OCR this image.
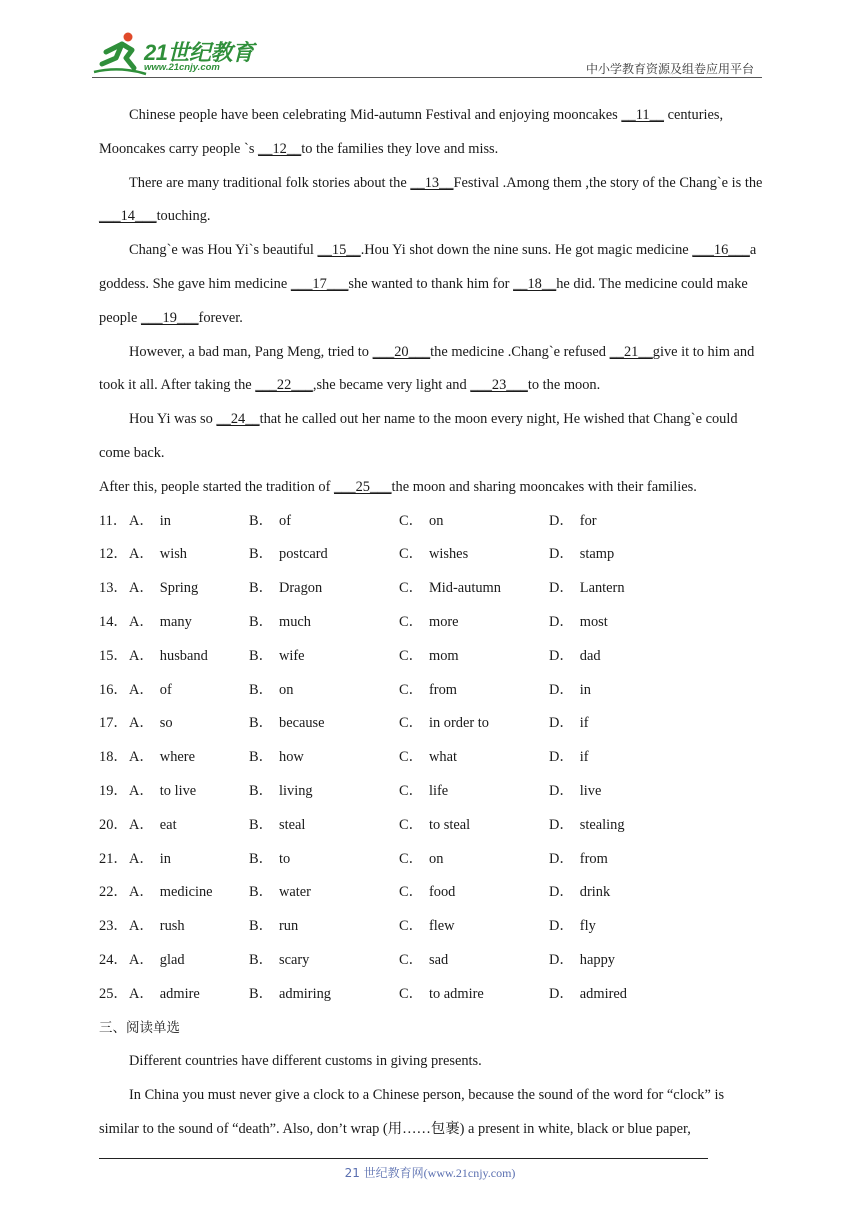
21世纪教育
www.21cnjy.com	中小学教育资源及组卷应用平台
Chinese people have been celebrating Mid-autumn Festival and enjoying mooncakes __11__ centuries, Mooncakes carry people `s __12__to the families they love and miss.
There are many traditional folk stories about the __13__Festival .Among them ,the story of the Chang`e is the ___14___touching.
Chang`e was Hou Yi`s beautiful __15__.Hou Yi shot down the nine suns. He got magic medicine ___16___a goddess. She gave him medicine ___17___she wanted to thank him for __18__he did. The medicine could make people ___19___forever.
However, a bad man, Pang Meng, tried to ___20___the medicine .Chang`e refused __21__give it to him and took it all. After taking the ___22___,she became very light and ___23___to the moon.
Hou Yi was so __24__that he called out her name to the moon every night, He wished that Chang`e could come back.
After this, people started the tradition of ___25___the moon and sharing mooncakes with their families.
11． A． in	B． of	C． on	D． for
12． A． wish	B． postcard	C． wishes	D． stamp
13． A． Spring	B． Dragon	C． Mid-autumn	D． Lantern
14． A． many	B． much	C． more	D． most
15． A． husband	B． wife	C． mom	D． dad
16． A． of	B． on	C． from	D． in
17． A． so	B． because	C． in order to	D． if
18． A． where	B． how	C． what	D． if
19． A． to live	B． living	C． life	D． live
20． A． eat	B． steal	C． to steal	D． stealing
21． A． in	B． to	C． on	D． from
22． A． medicine	B． water	C． food	D． drink
23． A． rush	B． run	C． flew	D． fly
24． A． glad	B． scary	C． sad	D． happy
25． A． admire	B． admiring	C． to admire	D． admired
三、阅读单选
Different countries have different customs in giving presents.
In China you must never give a clock to a Chinese person, because the sound of the word for “clock” is similar to the sound of “death”. Also, don’t wrap (用……包裹) a present in white, black or blue paper,
21 世纪教育网(www.21cnjy.com)
